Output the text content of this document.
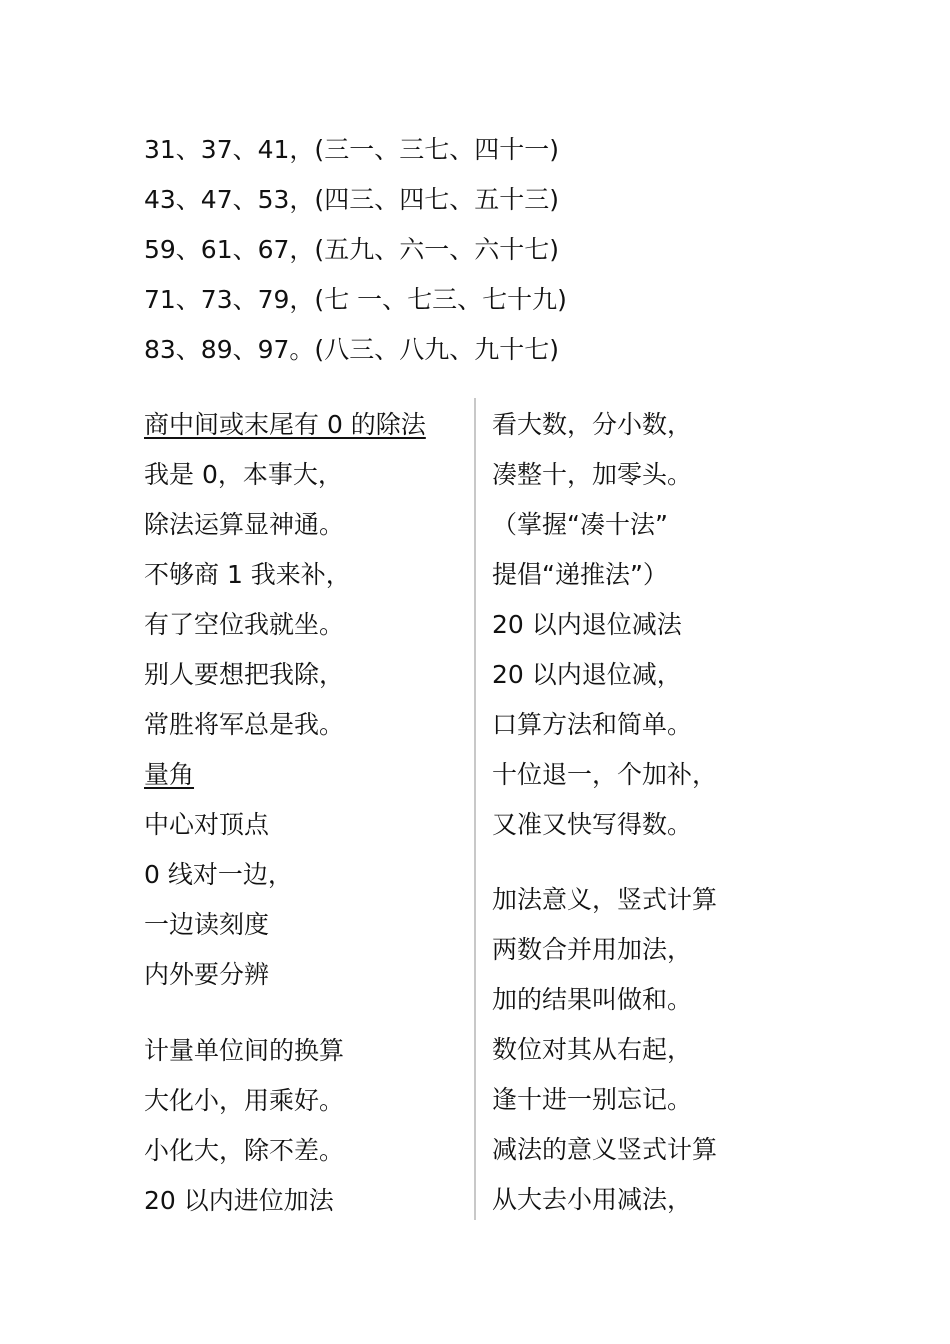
31、37、41，(三一、三七、四十一)
43、47、53，(四三、四七、五十三)
59、61、67，(五九、六一、六十七)
71、73、79，(七 一、七三、七十九)
83、89、97。(八三、八九、九十七)
商中间或末尾有 0 的除法
我是 0，本事大，
除法运算显神通。
不够商 1 我来补，
有了空位我就坐。
别人要想把我除，
常胜将军总是我。
量角
中心对顶点
0 线对一边，
一边读刻度
内外要分辨
计量单位间的换算
大化小，用乘好。
小化大，除不差。
20 以内进位加法
看大数，分小数，
凑整十，加零头。
（掌握“凑十法”
提倡“递推法”）
20 以内退位减法
20 以内退位减，
口算方法和简单。
十位退一，个加补，
又准又快写得数。
加法意义，竖式计算
两数合并用加法，
加的结果叫做和。
数位对其从右起，
逢十进一别忘记。
减法的意义竖式计算
从大去小用减法，
